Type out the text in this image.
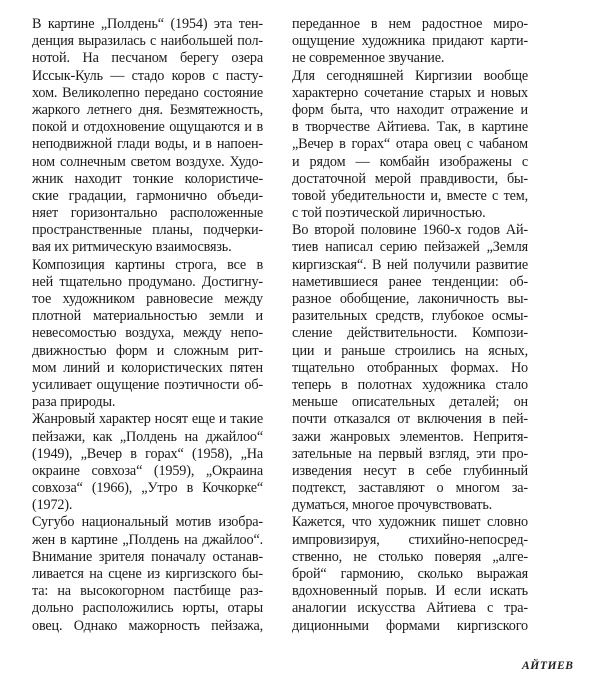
В картине „Полдень“ (1954) эта тен-
денция выразилась с наибольшей пол-
нотой. На песчаном берегу озера
Иссык-Куль — стадо коров с пасту-
хом. Великолепно передано состояние
жаркого летнего дня. Безмятежность,
покой и отдохновение ощущаются и в
неподвижной глади воды, и в напоен-
ном солнечным светом воздухе. Худо-
жник находит тонкие колористиче-
ские градации, гармонично объеди-
няет горизонтально расположенные
пространственные планы, подчерки-
вая их ритмическую взаимосвязь.
Композиция картины строга, все в
ней тщательно продумано. Достигну-
тое художником равновесие между
плотной материальностью земли и
невесомостью воздуха, между непо-
движностью форм и сложным рит-
мом линий и колористических пятен
усиливает ощущение поэтичности об-
раза природы.
Жанровый характер носят еще и такие
пейзажи, как „Полдень на джайлоо“
(1949), „Вечер в горах“ (1958), „На
окраине совхоза“ (1959), „Окраина
совхоза“ (1966), „Утро в Кочкорке“
(1972).
Сугубо национальный мотив изобра-
жен в картине „Полдень на джайлоо“.
Внимание зрителя поначалу останав-
ливается на сцене из киргизского бы-
та: на высокогорном пастбище раз-
дольно расположились юрты, отары
овец. Однако мажорность пейзажа,
переданное в нем радостное миро-
ощущение художника придают карти-
не современное звучание.
Для сегодняшней Киргизии вообще
характерно сочетание старых и новых
форм быта, что находит отражение и
в творчестве Айтиева. Так, в картине
„Вечер в горах“ отара овец с чабаном
и рядом — комбайн изображены с
достаточной мерой правдивости, бы-
товой убедительности и, вместе с тем,
с той поэтической лиричностью.
Во второй половине 1960-х годов Ай-
тиев написал серию пейзажей „Земля
киргизская“. В ней получили развитие
наметившиеся ранее тенденции: об-
разное обобщение, лаконичность вы-
разительных средств, глубокое осмы-
сление действительности. Компози-
ции и раньше строились на ясных,
тщательно отобранных формах. Но
теперь в полотнах художника стало
меньше описательных деталей; он
почти отказался от включения в пей-
зажи жанровых элементов. Непритя-
зательные на первый взгляд, эти про-
изведения несут в себе глубинный
подтекст, заставляют о многом за-
думаться, многое прочувствовать.
Кажется, что художник пишет словно
импровизируя, стихийно-непосред-
ственно, не столько поверяя „алге-
брой“ гармонию, сколько выражая
вдохновенный порыв. И если искать
аналогии искусства Айтиева с тра-
диционными формами киргизского
АЙТИЕВ
